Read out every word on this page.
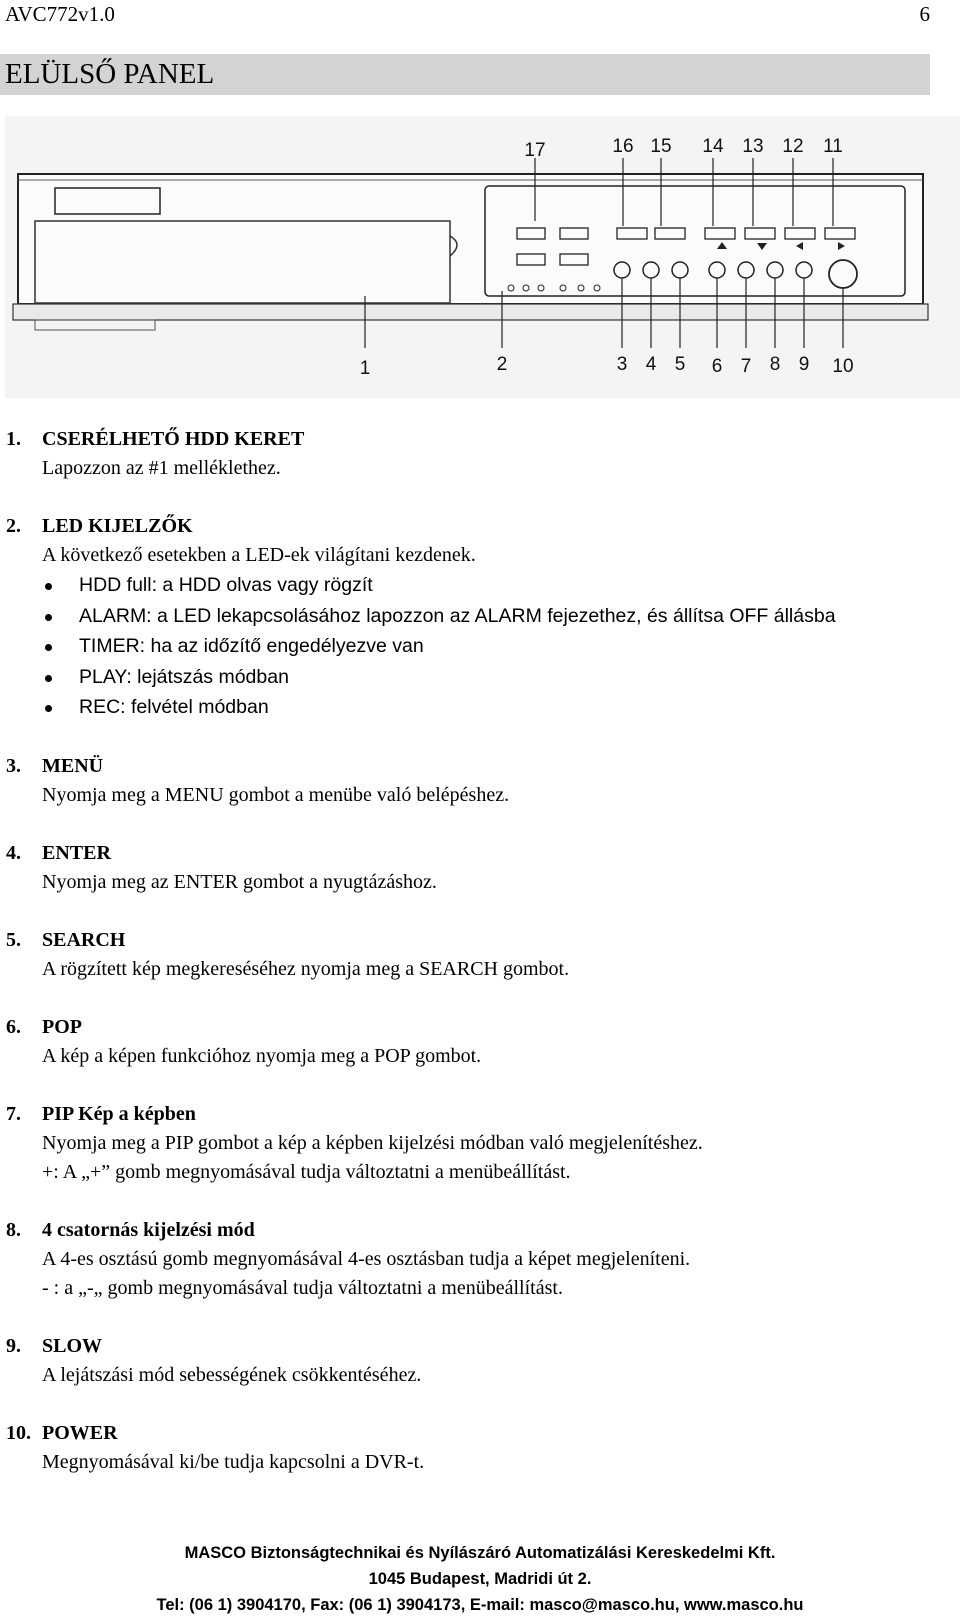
AVC772v1.0	6
ELÜLSŐ PANEL
17	16 15 14 13 12 11
1	2	3 4 5 6 7 8 9 10
1. CSERÉLHETŐ HDD KERET
Lapozzon az #1 melléklethez.
2. LED KIJELZŐK
A következő esetekben a LED-ek világítani kezdenek.
HDD full: a HDD olvas vagy rögzít
ALARM: a LED lekapcsolásához lapozzon az ALARM fejezethez, és állítsa OFF állásba
TIMER: ha az időzítő engedélyezve van
PLAY: lejátszás módban
REC: felvétel módban
3. MENÜ
Nyomja meg a MENU gombot a menübe való belépéshez.
4. ENTER
Nyomja meg az ENTER gombot a nyugtázáshoz.
5. SEARCH
A rögzített kép megkereséséhez nyomja meg a SEARCH gombot.
6. POP
A kép a képen funkcióhoz nyomja meg a POP gombot.
7. PIP Kép a képben
Nyomja meg a PIP gombot a kép a képben kijelzési módban való megjelenítéshez.
+: A „+” gomb megnyomásával tudja változtatni a menübeállítást.
8. 4 csatornás kijelzési mód
A 4-es osztású gomb megnyomásával 4-es osztásban tudja a képet megjeleníteni.
- : a „-„ gomb megnyomásával tudja változtatni a menübeállítást.
9. SLOW
A lejátszási mód sebességének csökkentéséhez.
10. POWER
Megnyomásával ki/be tudja kapcsolni a DVR-t.
MASCO Biztonságtechnikai és Nyílászáró Automatizálási Kereskedelmi Kft.
1045 Budapest, Madridi út 2.
Tel: (06 1) 3904170, Fax: (06 1) 3904173, E-mail: masco@masco.hu, www.masco.hu
